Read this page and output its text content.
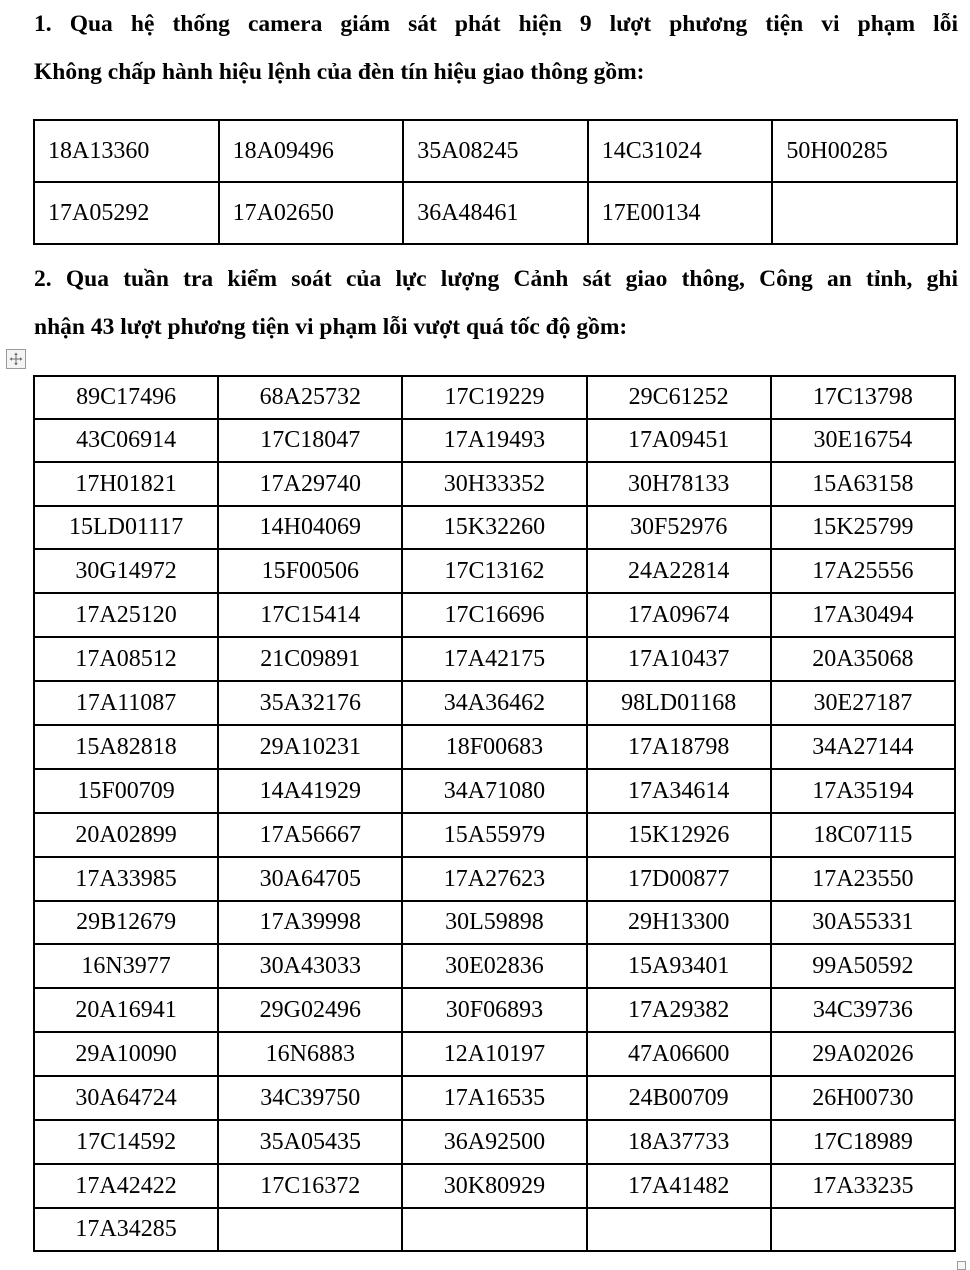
1. Qua hệ thống camera giám sát phát hiện 9 lượt phương tiện vi phạm lỗi
Không chấp hành hiệu lệnh của đèn tín hiệu giao thông gồm:

18A13360	18A09496	35A08245	14C31024	50H00285
17A05292	17A02650	36A48461	17E00134	

2. Qua tuần tra kiểm soát của lực lượng Cảnh sát giao thông, Công an tỉnh, ghi
nhận 43 lượt phương tiện vi phạm lỗi vượt quá tốc độ gồm:

89C17496	68A25732	17C19229	29C61252	17C13798
43C06914	17C18047	17A19493	17A09451	30E16754
17H01821	17A29740	30H33352	30H78133	15A63158
15LD01117	14H04069	15K32260	30F52976	15K25799
30G14972	15F00506	17C13162	24A22814	17A25556
17A25120	17C15414	17C16696	17A09674	17A30494
17A08512	21C09891	17A42175	17A10437	20A35068
17A11087	35A32176	34A36462	98LD01168	30E27187
15A82818	29A10231	18F00683	17A18798	34A27144
15F00709	14A41929	34A71080	17A34614	17A35194
20A02899	17A56667	15A55979	15K12926	18C07115
17A33985	30A64705	17A27623	17D00877	17A23550
29B12679	17A39998	30L59898	29H13300	30A55331
16N3977	30A43033	30E02836	15A93401	99A50592
20A16941	29G02496	30F06893	17A29382	34C39736
29A10090	16N6883	12A10197	47A06600	29A02026
30A64724	34C39750	17A16535	24B00709	26H00730
17C14592	35A05435	36A92500	18A37733	17C18989
17A42422	17C16372	30K80929	17A41482	17A33235
17A34285				
